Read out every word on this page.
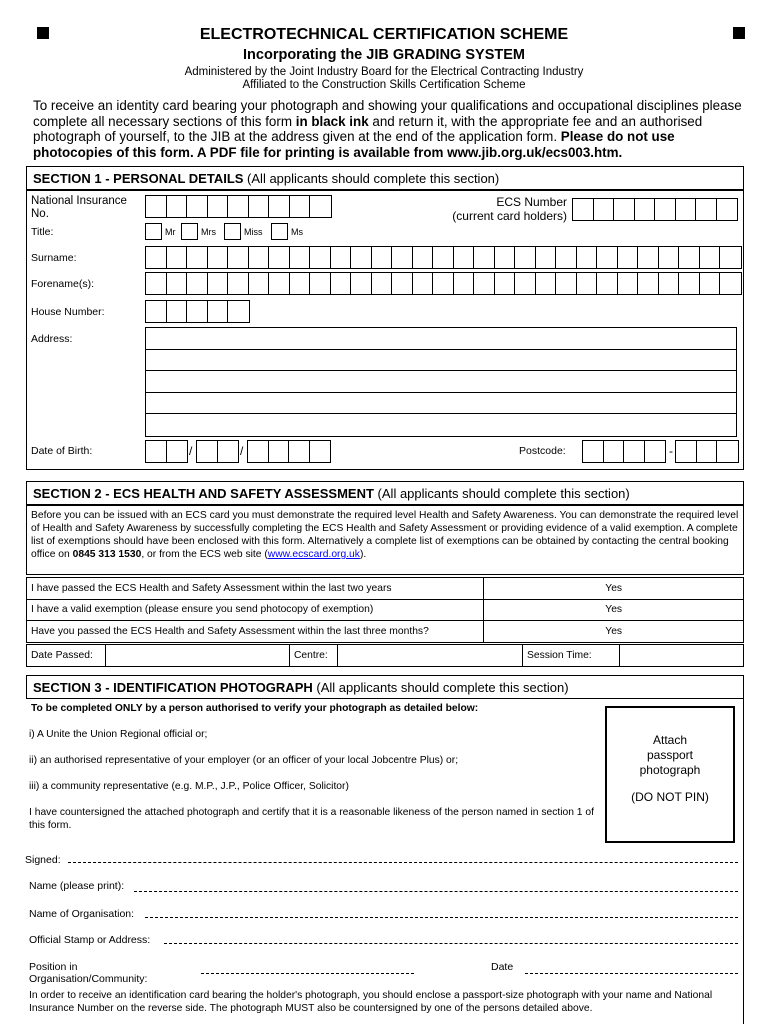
ELECTROTECHNICAL CERTIFICATION SCHEME
Incorporating the JIB GRADING SYSTEM
Administered by the Joint Industry Board for the Electrical Contracting Industry
Affiliated to the Construction Skills Certification Scheme
To receive an identity card bearing your photograph and showing your qualifications and occupational disciplines please complete all necessary sections of this form in black ink and return it, with the appropriate fee and an authorised photograph of yourself, to the JIB at the address given at the end of the application form. Please do not use photocopies of this form. A PDF file for printing is available from www.jib.org.uk/ecs003.htm.
SECTION 1 - PERSONAL DETAILS (All applicants should complete this section)
National Insurance
No.
ECS Number
(current card holders)
Title:	Mr	Mrs	Miss	Ms
Surname:
Forename(s):
House Number:
Address:
Date of Birth:	/	/	Postcode:	-
SECTION 2 - ECS HEALTH AND SAFETY ASSESSMENT (All applicants should complete this section)
Before you can be issued with an ECS card you must demonstrate the required level Health and Safety Awareness. You can demonstrate the required level of Health and Safety Awareness by successfully completing the ECS Health and Safety Assessment or providing evidence of a valid exemption. A complete list of exemptions should have been enclosed with this form. Alternatively a complete list of exemptions can be obtained by contacting the central booking office on 0845 313 1530, or from the ECS web site (www.ecscard.org.uk).
I have passed the ECS Health and Safety Assessment within the last two years	Yes
I have a valid exemption (please ensure you send photocopy of exemption)	Yes
Have you passed the ECS Health and Safety Assessment within the last three months?	Yes
Date Passed:		Centre:		Session Time:	
SECTION 3 - IDENTIFICATION PHOTOGRAPH (All applicants should complete this section)
To be completed ONLY by a person authorised to verify your photograph as detailed below:
i) A Unite the Union Regional official or;
ii) an authorised representative of your employer (or an officer of your local Jobcentre Plus) or;
iii) a community representative (e.g. M.P., J.P., Police Officer, Solicitor)
I have countersigned the attached photograph and certify that it is a reasonable likeness of the person named in section 1 of this form.
Attach
passport
photograph
(DO NOT PIN)
Signed:
Name (please print):
Name of Organisation:
Official Stamp or Address:
Position in
Organisation/Community:
Date
In order to receive an identification card bearing the holder's photograph, you should enclose a passport-size photograph with your name and National Insurance Number on the reverse side. The photograph MUST also be countersigned by one of the persons detailed above.
